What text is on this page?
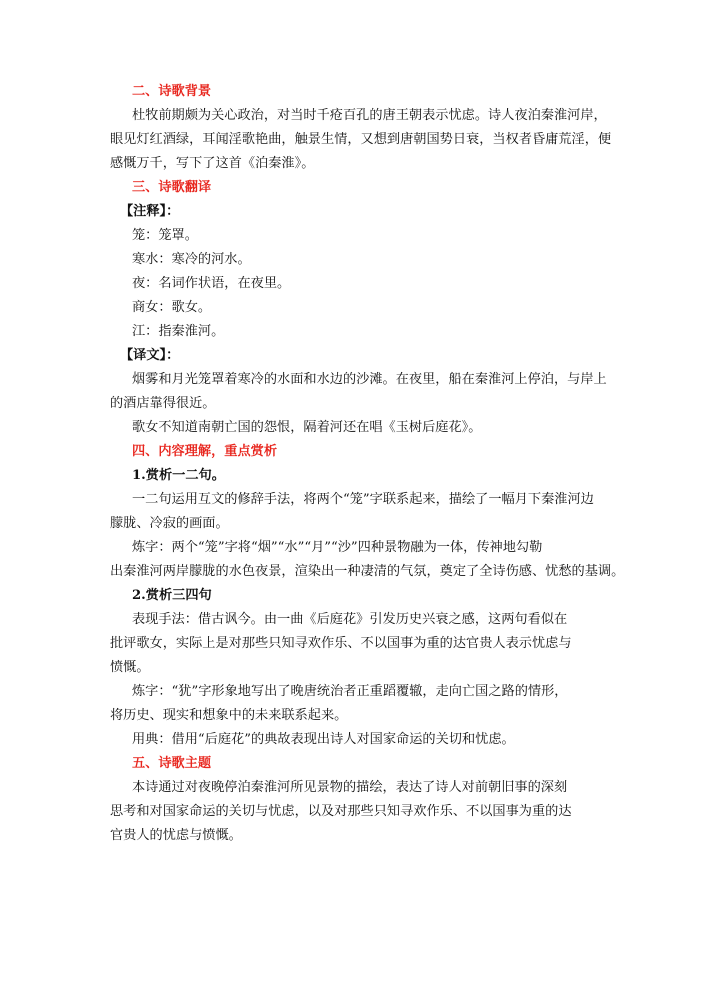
二、诗歌背景
杜牧前期颇为关心政治，对当时千疮百孔的唐王朝表示忧虑。诗人夜泊秦淮河岸，
眼见灯红酒绿，耳闻淫歌艳曲，触景生情，又想到唐朝国势日衰，当权者昏庸荒淫，便
感慨万千，写下了这首《泊秦淮》。
三、诗歌翻译
【注释】：
笼：笼罩。
寒水：寒冷的河水。
夜：名词作状语，在夜里。
商女：歌女。
江：指秦淮河。
【译文】：
烟雾和月光笼罩着寒冷的水面和水边的沙滩。在夜里，船在秦淮河上停泊，与岸上
的酒店靠得很近。
歌女不知道南朝亡国的怨恨，隔着河还在唱《玉树后庭花》。
四、内容理解，重点赏析
1.赏析一二句。
一二句运用互文的修辞手法，将两个“笼”字联系起来，描绘了一幅月下秦淮河边
朦胧、冷寂的画面。
炼字：两个“笼”字将“烟”“水”“月”“沙”四种景物融为一体，传神地勾勒
出秦淮河两岸朦胧的水色夜景，渲染出一种凄清的气氛，奠定了全诗伤感、忧愁的基调。
2.赏析三四句
表现手法：借古讽今。由一曲《后庭花》引发历史兴衰之感，这两句看似在
批评歌女，实际上是对那些只知寻欢作乐、不以国事为重的达官贵人表示忧虑与
愤慨。
炼字：“犹”字形象地写出了晚唐统治者正重蹈覆辙，走向亡国之路的情形，
将历史、现实和想象中的未来联系起来。
用典：借用“后庭花”的典故表现出诗人对国家命运的关切和忧虑。
五、诗歌主题
本诗通过对夜晚停泊秦淮河所见景物的描绘，表达了诗人对前朝旧事的深刻
思考和对国家命运的关切与忧虑，以及对那些只知寻欢作乐、不以国事为重的达
官贵人的忧虑与愤慨。
